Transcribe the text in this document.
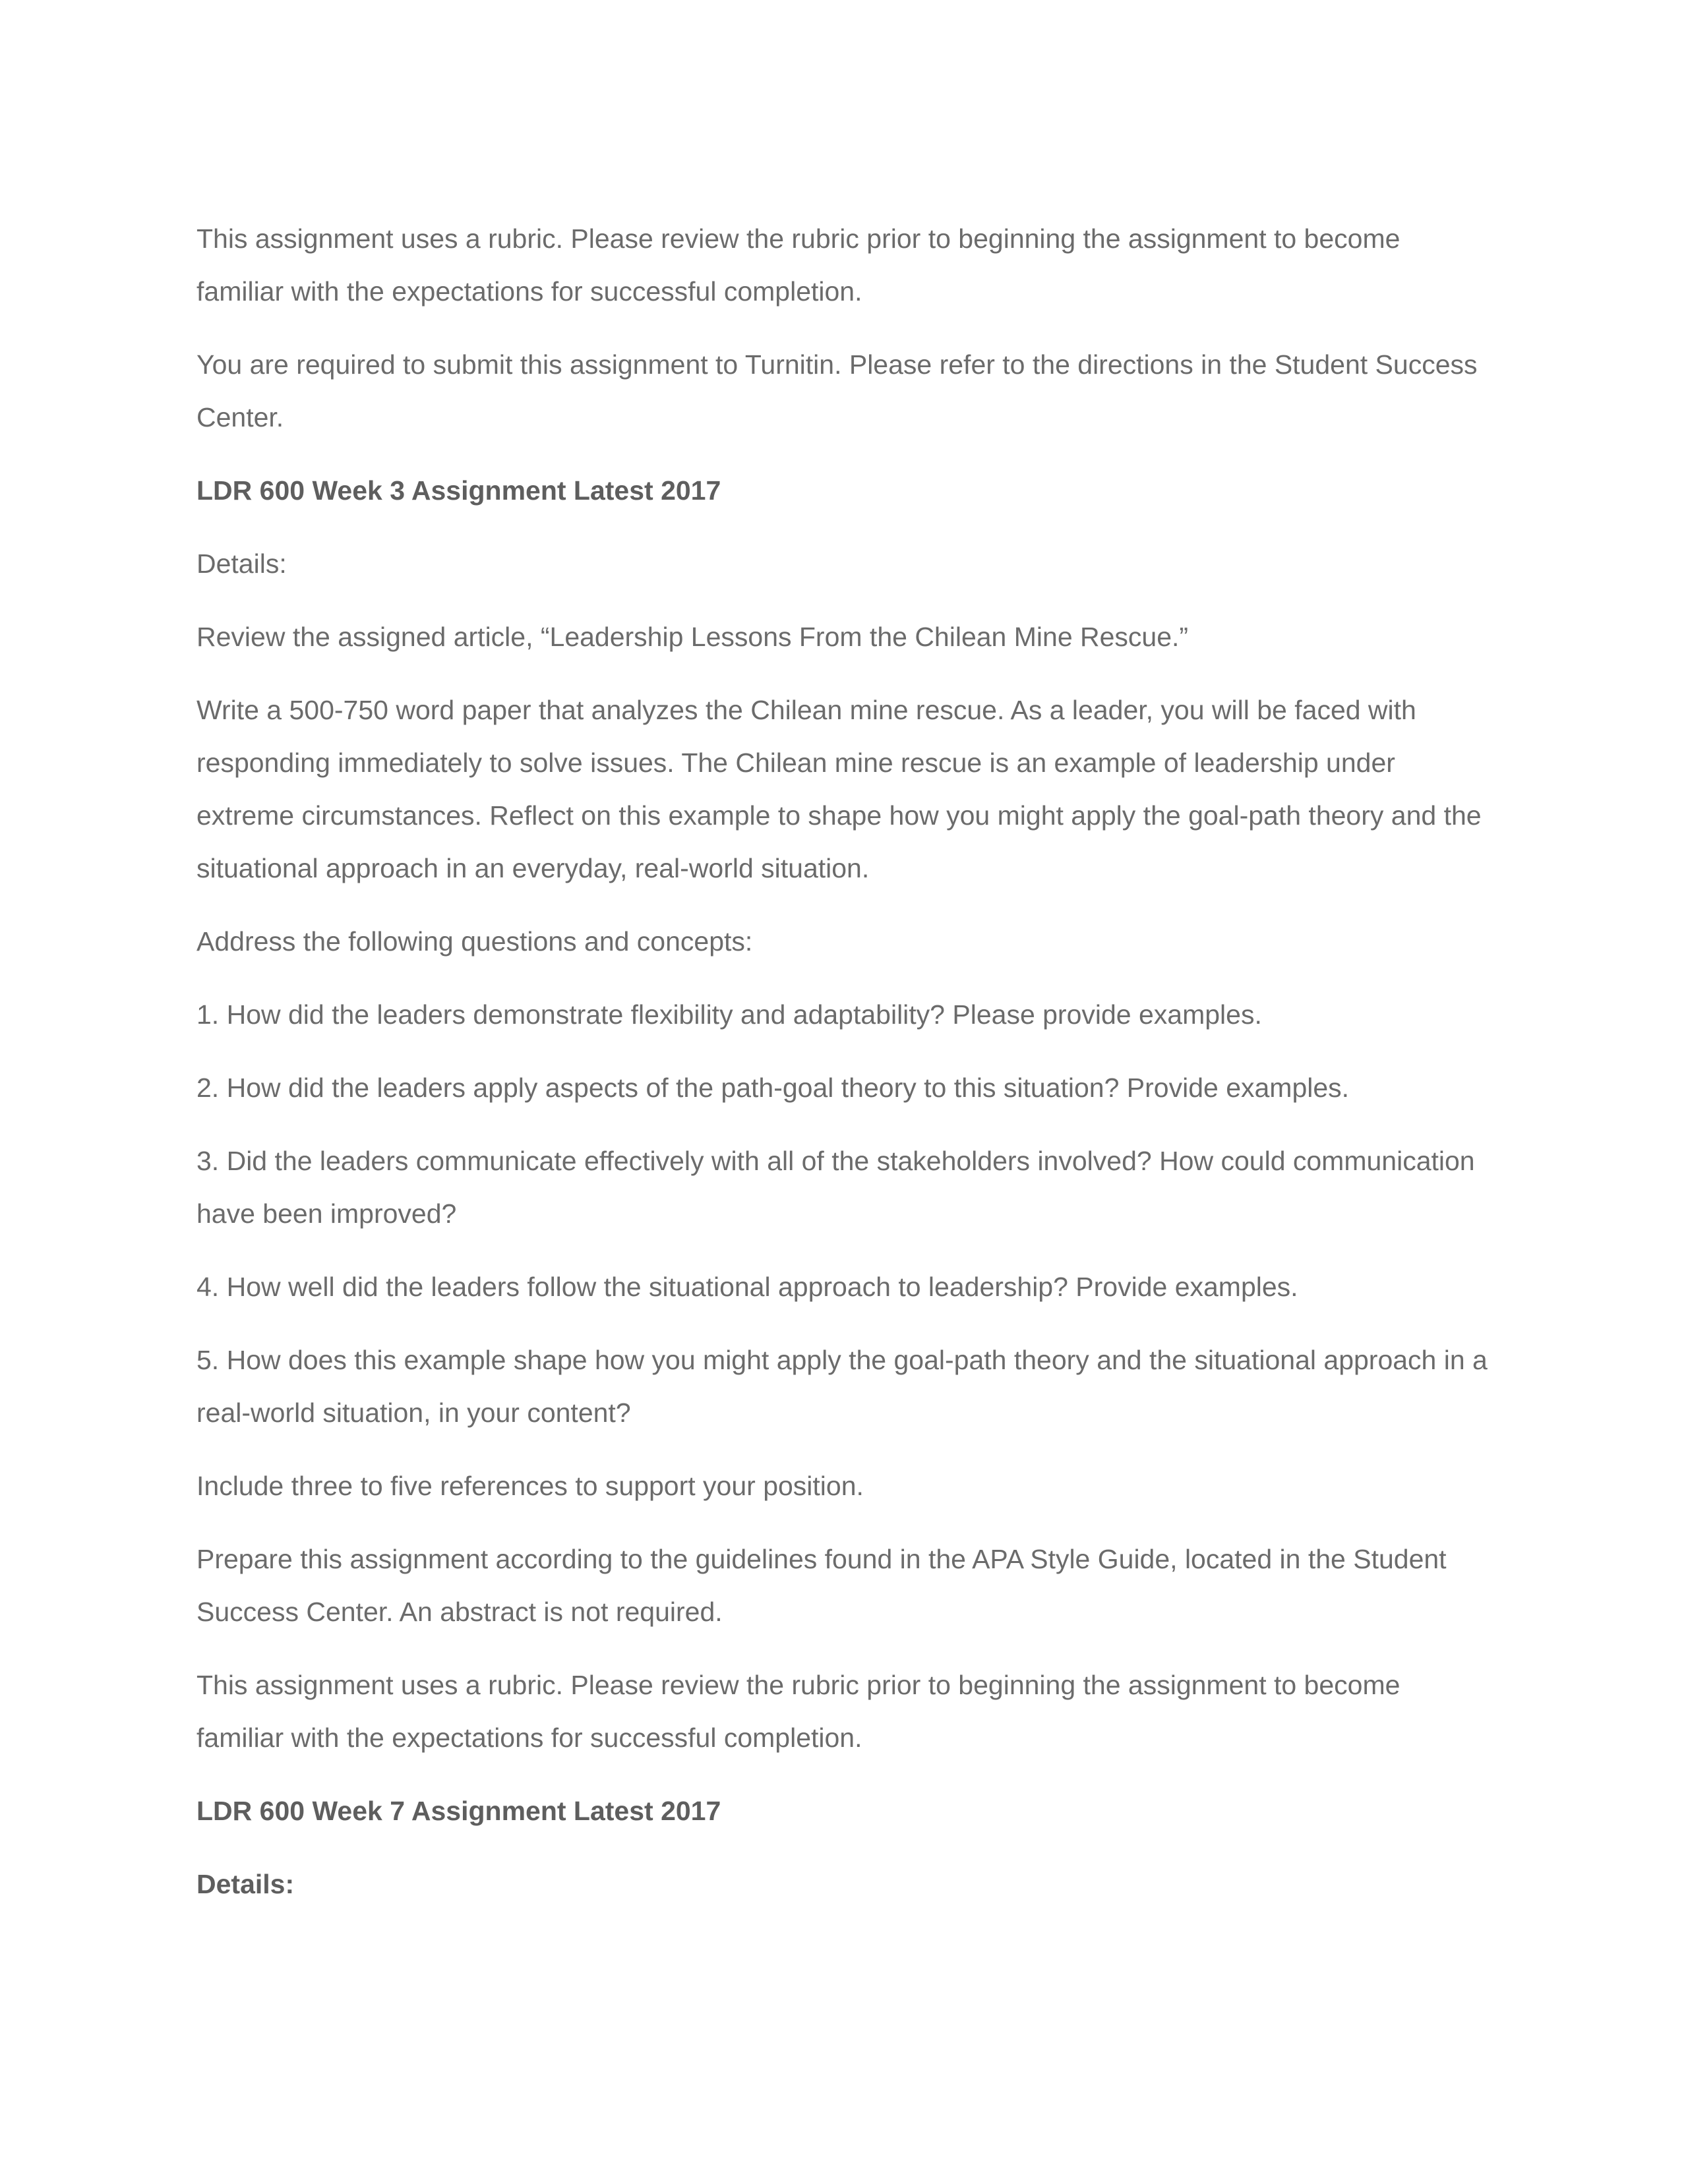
This assignment uses a rubric. Please review the rubric prior to beginning the assignment to become familiar with the expectations for successful completion.

You are required to submit this assignment to Turnitin. Please refer to the directions in the Student Success Center.

LDR 600 Week 3 Assignment Latest 2017

Details:

Review the assigned article, “Leadership Lessons From the Chilean Mine Rescue.”

Write a 500-750 word paper that analyzes the Chilean mine rescue. As a leader, you will be faced with responding immediately to solve issues. The Chilean mine rescue is an example of leadership under extreme circumstances. Reflect on this example to shape how you might apply the goal-path theory and the situational approach in an everyday, real-world situation.

Address the following questions and concepts:

1. How did the leaders demonstrate flexibility and adaptability? Please provide examples.

2. How did the leaders apply aspects of the path-goal theory to this situation? Provide examples.

3. Did the leaders communicate effectively with all of the stakeholders involved? How could communication have been improved?

4. How well did the leaders follow the situational approach to leadership? Provide examples.

5. How does this example shape how you might apply the goal-path theory and the situational approach in a real-world situation, in your content?

Include three to five references to support your position.

Prepare this assignment according to the guidelines found in the APA Style Guide, located in the Student Success Center. An abstract is not required.

This assignment uses a rubric. Please review the rubric prior to beginning the assignment to become familiar with the expectations for successful completion.

LDR 600 Week 7 Assignment Latest 2017

Details:
